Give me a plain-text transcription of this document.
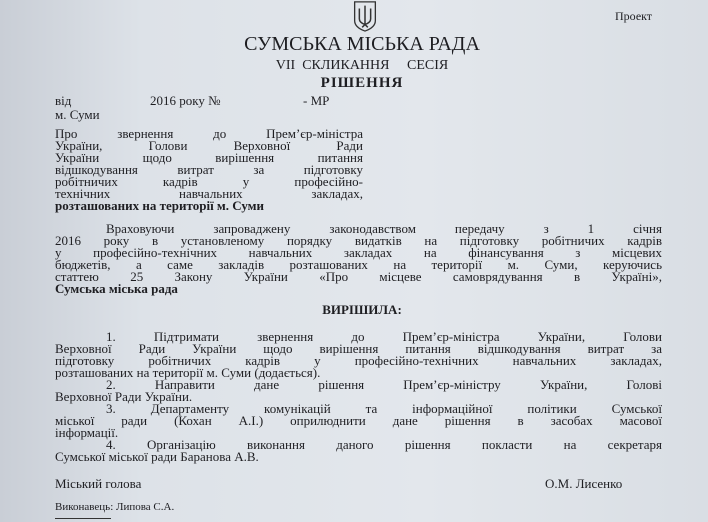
Проект
СУМСЬКА МІСЬКА РАДА
VII  СКЛИКАННЯ     СЕСІЯ
РІШЕННЯ
від	2016 року №	- МР
м. Суми
ВИРІШИЛА:
Міський голова	О.М. Лисенко
Виконавець: Липова С.А.
Про звернення до Прем’єр-міністра
України, Голови Верховної Ради
України щодо вирішення питання
відшкодування витрат за підготовку
робітничих кадрів у професійно-
технічних навчальних закладах,
розташованих на території м. Суми
Враховуючи запроваджену законодавством передачу з 1 січня
2016 року в установленому порядку видатків на підготовку робітничих кадрів
у професійно-технічних навчальних закладах на фінансування з місцевих
бюджетів, а саме закладів розташованих на території м. Суми, керуючись
статтею 25 Закону України «Про місцеве самоврядування в Україні»,
Сумська міська рада
1. Підтримати звернення до Прем’єр-міністра України, Голови
Верховної Ради України щодо вирішення питання відшкодування витрат за
підготовку робітничих кадрів у професійно-технічних навчальних закладах,
розташованих на території м. Суми (додається).
2. Направити дане рішення Прем’єр-міністру України, Голові
Верховної Ради України.
3. Департаменту комунікацій та інформаційної політики Сумської
міської ради (Кохан А.І.) оприлюднити дане рішення в засобах масової
інформації.
4. Організацію виконання даного рішення покласти на секретаря
Сумської міської ради Баранова А.В.
